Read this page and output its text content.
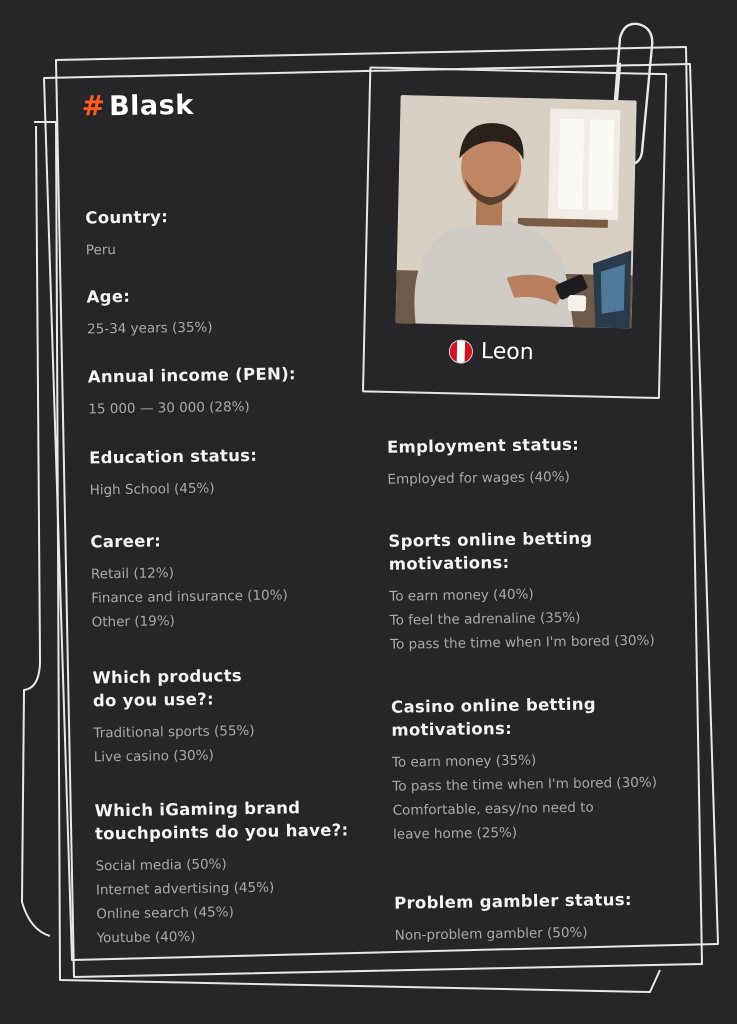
# Blask
Leon
Country:
Peru
Age:
25-34 years (35%)
Annual income (PEN):
15 000 — 30 000 (28%)
Education status:
High School (45%)
Career:
Retail (12%)
Finance and insurance (10%)
Other (19%)
Which products
do you use?:
Traditional sports (55%)
Live casino (30%)
Which iGaming brand
touchpoints do you have?:
Social media (50%)
Internet advertising (45%)
Online search (45%)
Youtube (40%)
Employment status:
Employed for wages (40%)
Sports online betting
motivations:
To earn money (40%)
To feel the adrenaline (35%)
To pass the time when I'm bored (30%)
Casino online betting
motivations:
To earn money (35%)
To pass the time when I'm bored (30%)
Comfortable, easy/no need to
leave home (25%)
Problem gambler status:
Non-problem gambler (50%)
